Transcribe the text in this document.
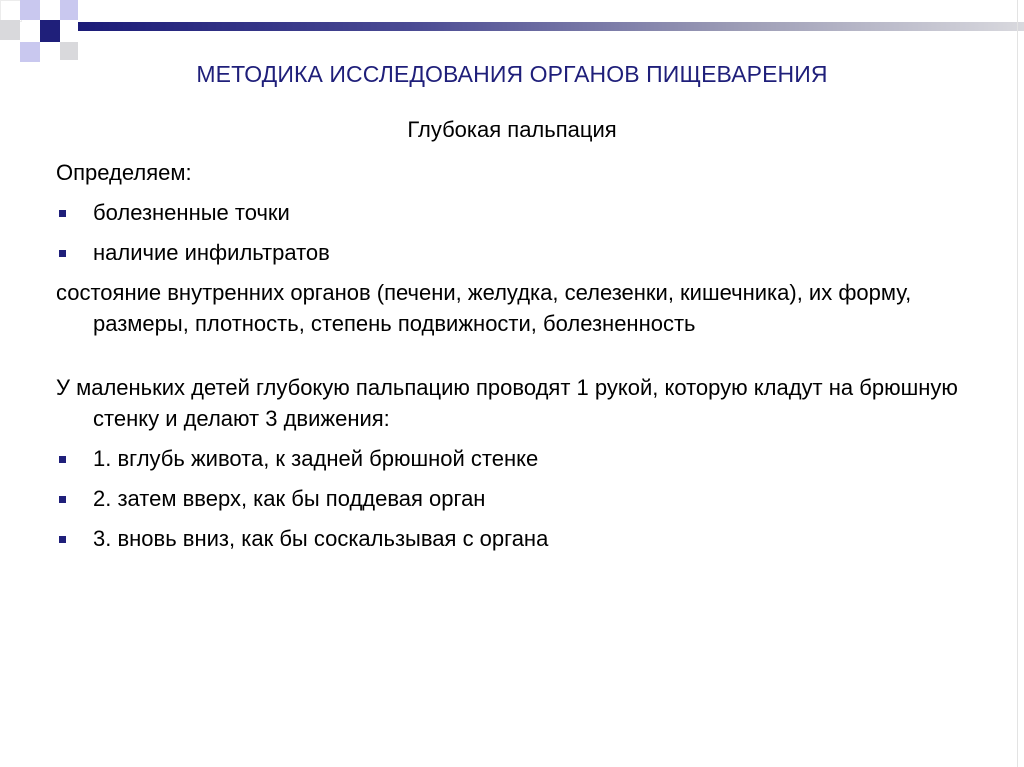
МЕТОДИКА ИССЛЕДОВАНИЯ ОРГАНОВ ПИЩЕВАРЕНИЯ
Глубокая пальпация

Определяем:

болезненные точки

наличие инфильтратов

состояние внутренних органов (печени, желудка, селезенки, кишечника), их форму, размеры, плотность, степень подвижности, болезненность

У маленьких детей глубокую пальпацию проводят 1 рукой, которую кладут на брюшную стенку и делают 3 движения:

1. вглубь живота, к задней брюшной стенке

2. затем вверх, как бы поддевая орган

3. вновь вниз, как бы соскальзывая с органа
